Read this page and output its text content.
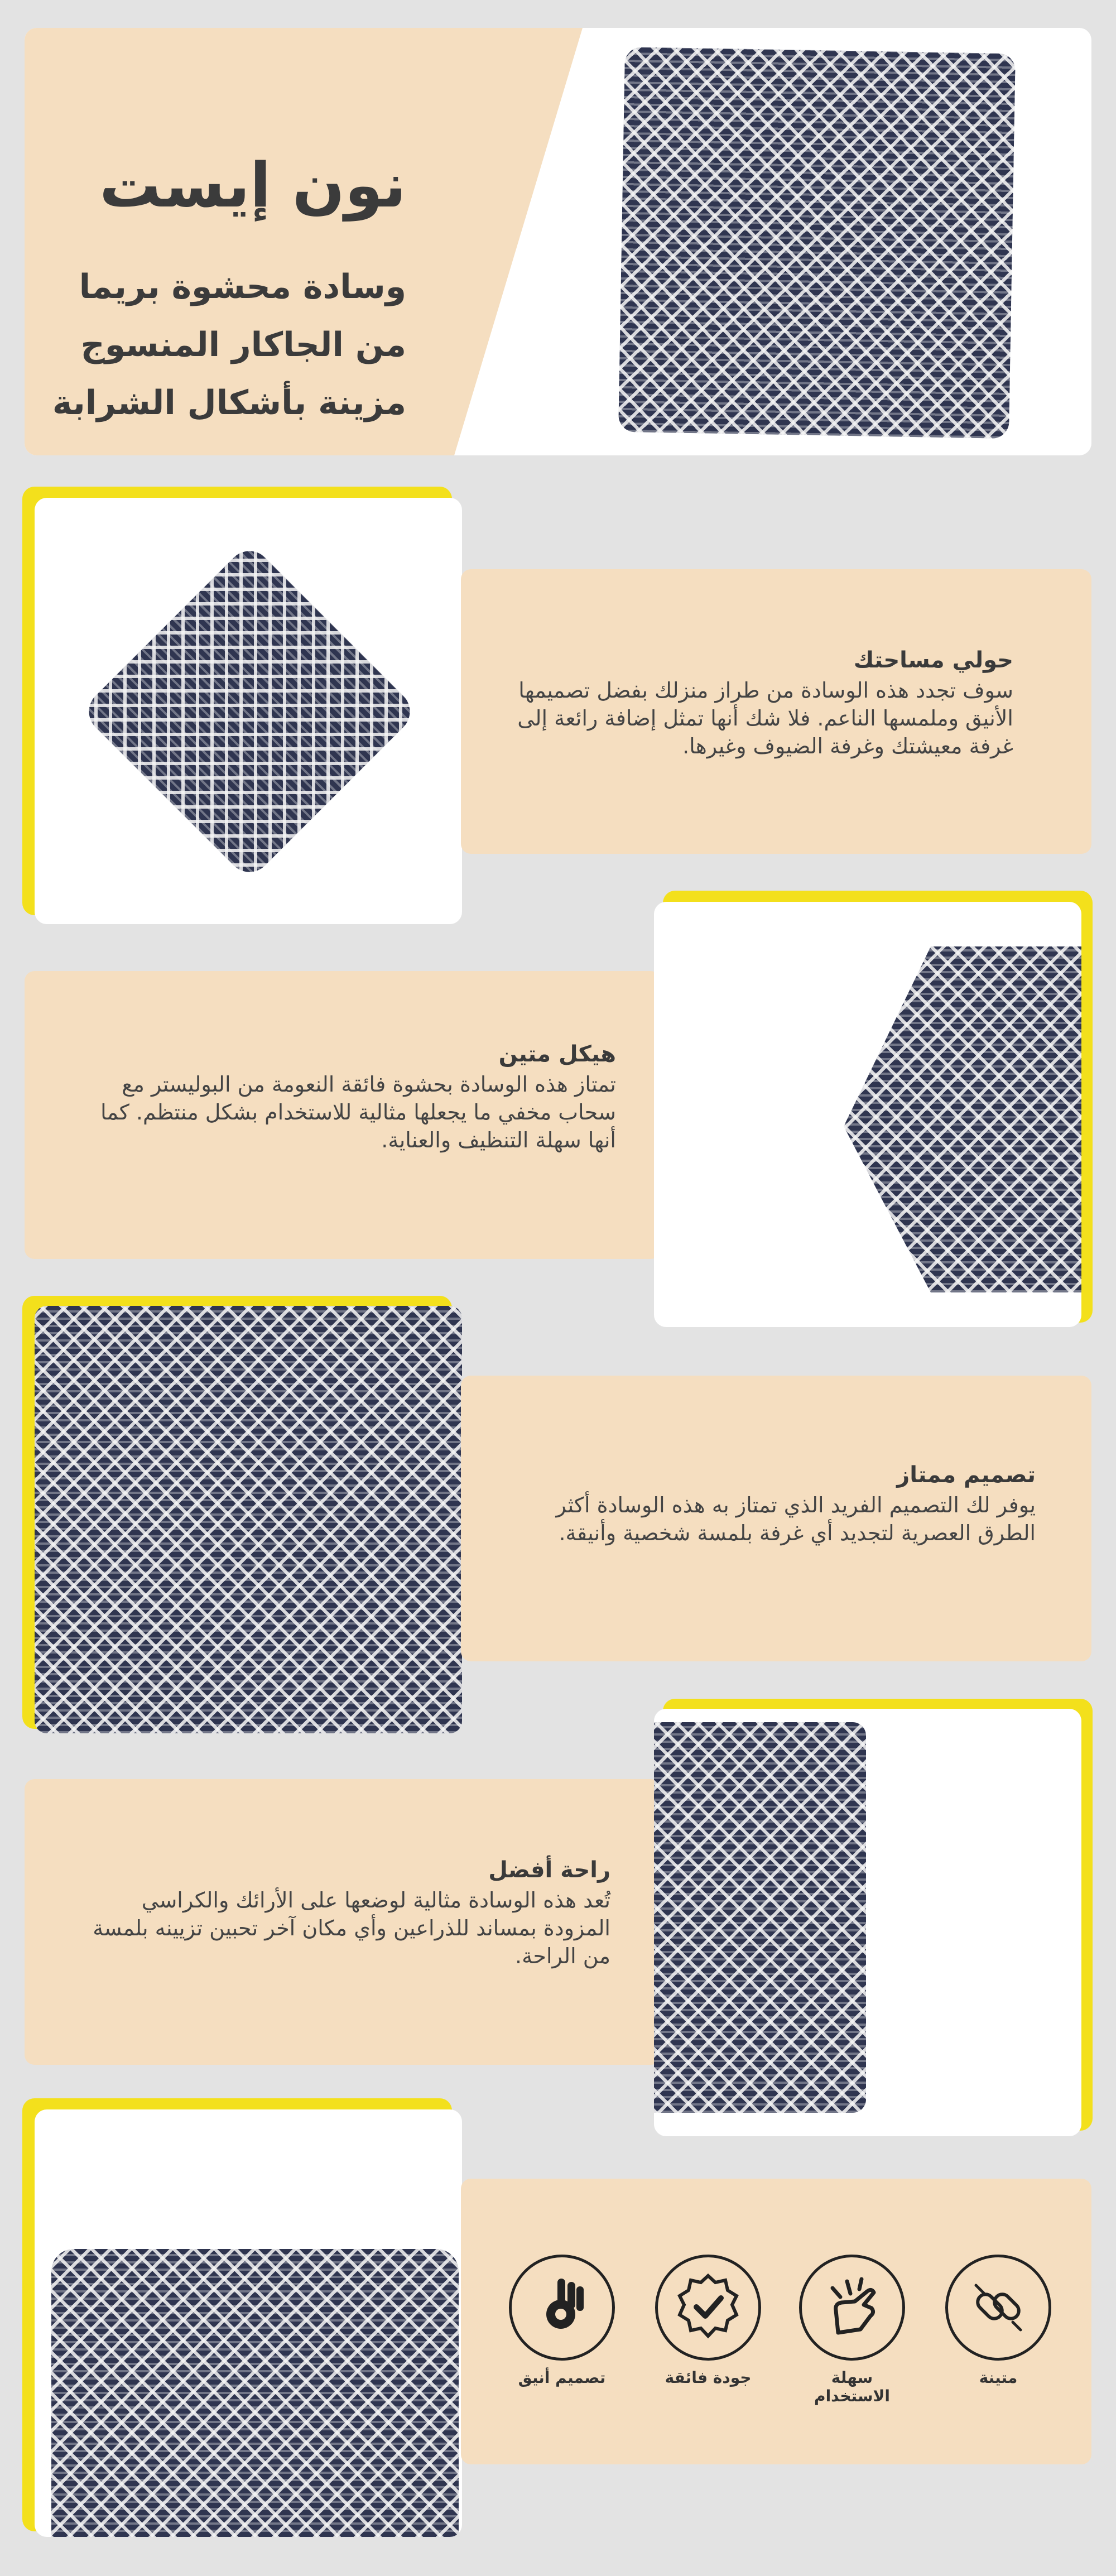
نون إيست
وسادة محشوة بريما
من الجاكار المنسوج
مزينة بأشكال الشرابة

حولي مساحتك

سوف تجدد هذه الوسادة من طراز منزلك بفضل تصميمها الأنيق وملمسها الناعم. فلا شك أنها تمثل إضافة رائعة إلى غرفة معيشتك وغرفة الضيوف وغيرها.

هيكل متين

تمتاز هذه الوسادة بحشوة فائقة النعومة من البوليستر مع سحاب مخفي ما يجعلها مثالية للاستخدام بشكل منتظم. كما أنها سهلة التنظيف والعناية.

تصميم ممتاز

يوفر لك التصميم الفريد الذي تمتاز به هذه الوسادة أكثر الطرق العصرية لتجديد أي غرفة بلمسة شخصية وأنيقة.

راحة أفضل

تُعد هذه الوسادة مثالية لوضعها على الأرائك والكراسي المزودة بمساند للذراعين وأي مكان آخر تحبين تزيينه بلمسة من الراحة.

تصميم أنيق	جودة فائقة	سهلة الاستخدام
متينة
